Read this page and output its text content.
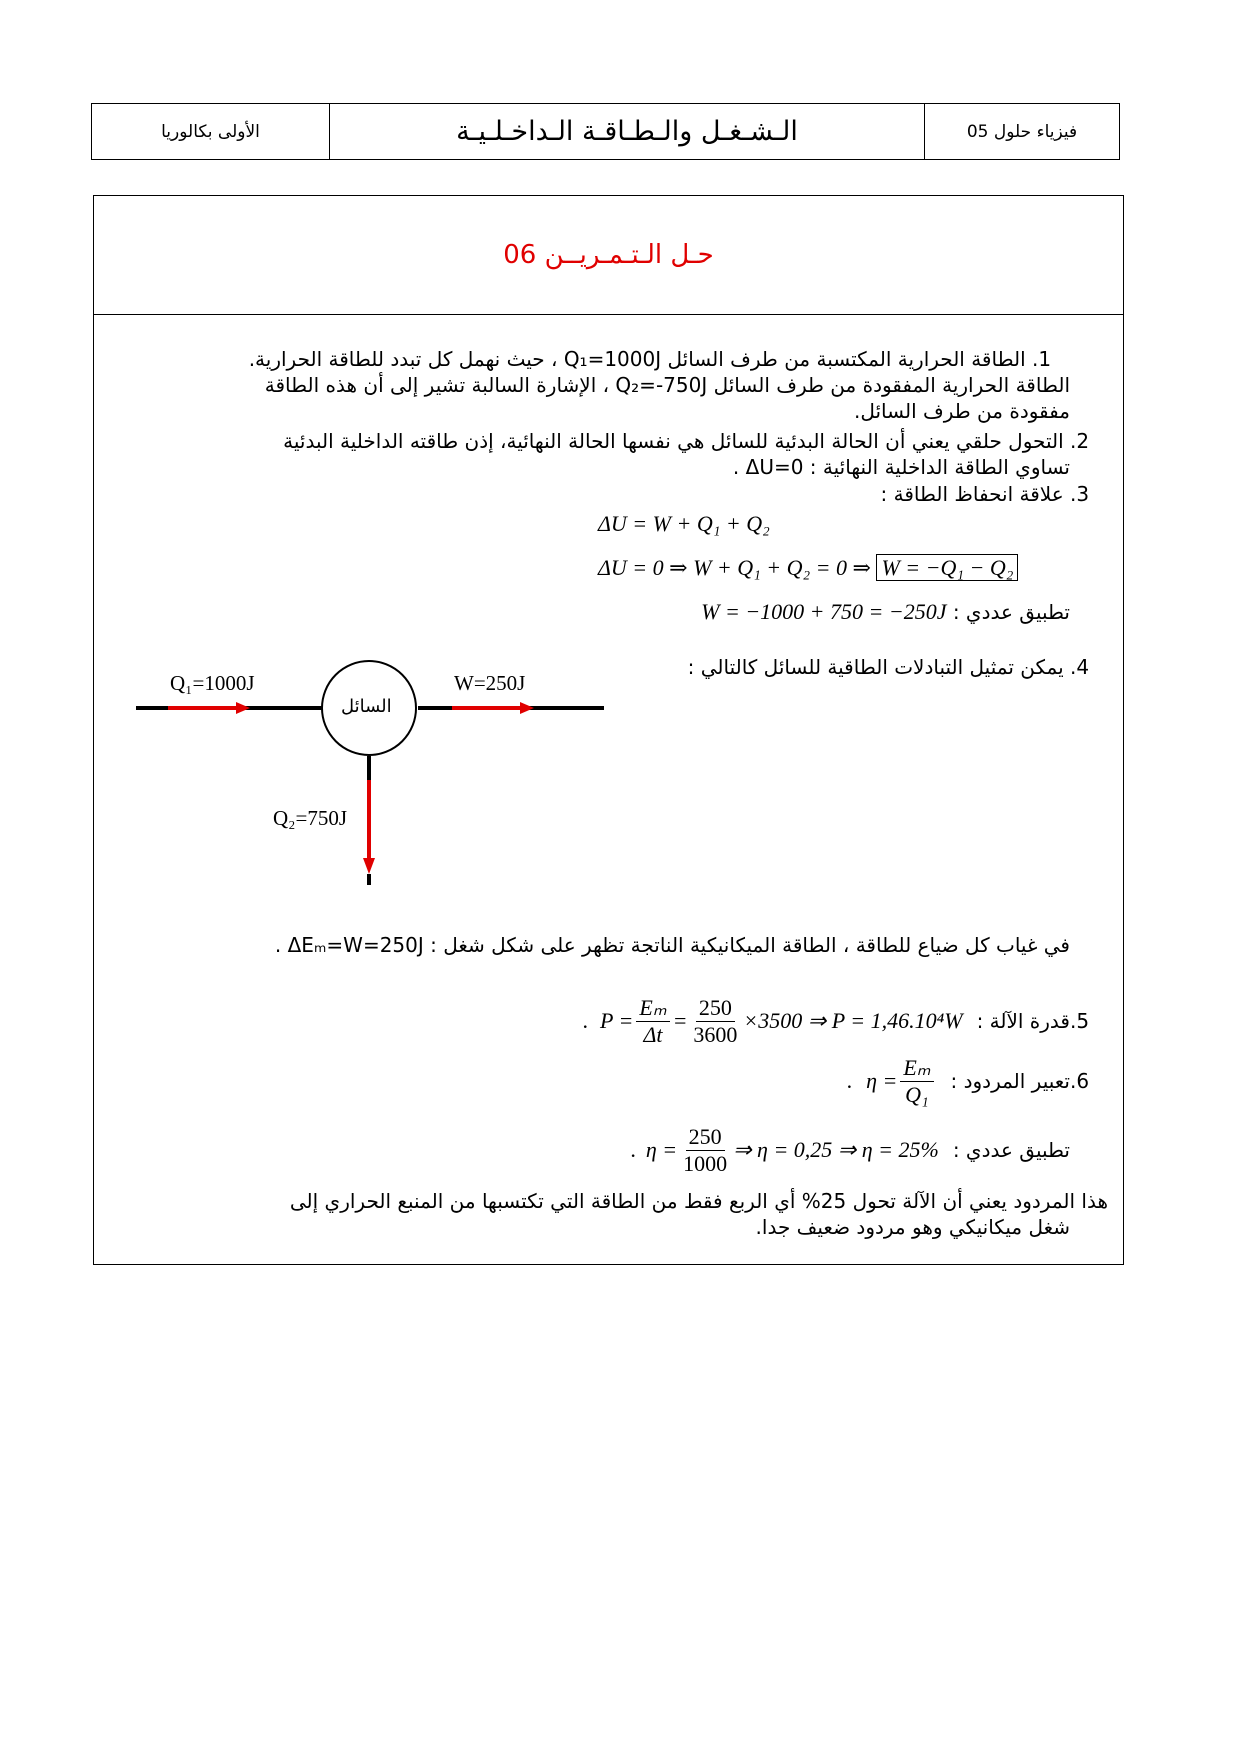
الأولى بكالوريا	الـشـغـل والـطـاقـة الـداخـلـيـة	فيزياء حلول 05
حـل الـتـمـريــن 06
.1 الطاقة الحرارية المكتسبة من طرف السائل Q₁=1000J ، حيث نهمل كل تبدد للطاقة الحرارية.
الطاقة الحرارية المفقودة من طرف السائل Q₂=-750J ، الإشارة السالبة تشير إلى أن هذه الطاقة
مفقودة من طرف السائل.
.2 التحول حلقي يعني أن الحالة البدئية للسائل هي نفسها الحالة النهائية، إذن طاقته الداخلية البدئية
تساوي الطاقة الداخلية النهائية : ΔU=0 .
.3 علاقة انحفاظ الطاقة :
ΔU = W + Q₁ + Q₂
ΔU = 0 ⇒ W + Q₁ + Q₂ = 0 ⇒ W = −Q₁ − Q₂
تطبيق عددي : W = −1000 + 750 = −250J
.4 يمكن تمثيل التبادلات الطاقية للسائل كالتالي :
السائل
Q₁=1000J	W=250J
Q₂=750J
في غياب كل ضياع للطاقة ، الطاقة الميكانيكية الناتجة تظهر على شكل شغل : ΔEₘ=W=250J .
.5
قدرة الآلة :
. $P = \frac{\text{Eₘ}}{\Delta t} = \frac{250}{3600} \times 3500$ ⇒ P = 1,46.10⁴W
.6
تعبير المردود :
. $\eta = \frac{\text{Eₘ}}{\text{Q₁}}$
تطبيق عددي :
. $\eta = \frac{250}{1000}$ ⇒ η = 0,25 ⇒ η = 25%
هذا المردود يعني أن الآلة تحول 25% أي الربع فقط من الطاقة التي تكتسبها من المنبع الحراري إلى
شغل ميكانيكي وهو مردود ضعيف جدا.
